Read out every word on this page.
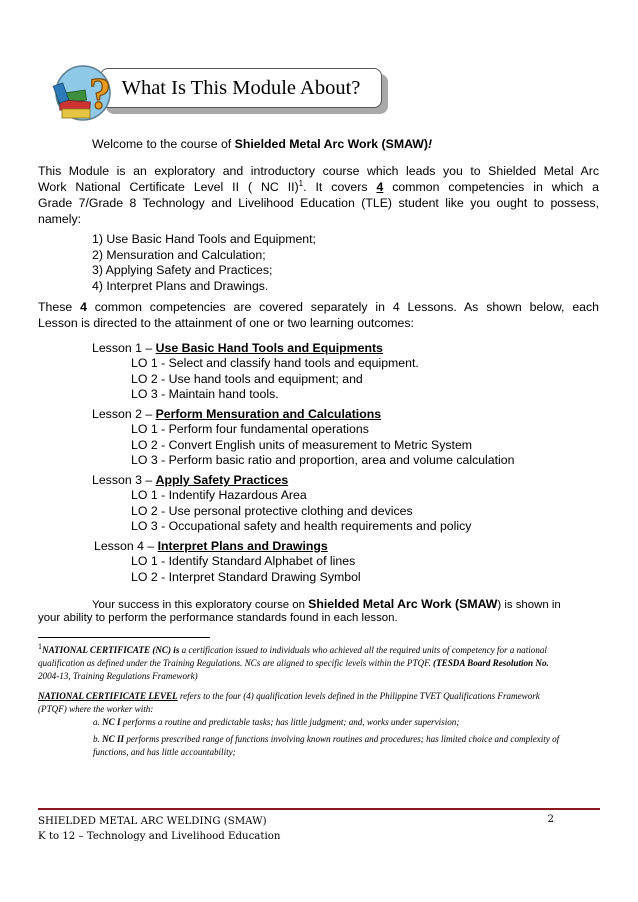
What Is This Module About?
?
Welcome to the course of Shielded Metal Arc Work (SMAW)!
This Module is an exploratory and introductory course which leads you to Shielded Metal Arc
Work National Certificate Level II ( NC II)$^1$. It covers 4 common competencies in which a
Grade 7/Grade 8 Technology and Livelihood Education (TLE) student like you ought to possess,
namely:
1) Use Basic Hand Tools and Equipment;
2) Mensuration and Calculation;
3) Applying Safety and Practices;
4) Interpret Plans and Drawings.
These 4 common competencies are covered separately in 4 Lessons. As shown below, each
Lesson is directed to the attainment of one or two learning outcomes:
Lesson 1 – Use Basic Hand Tools and Equipments
LO 1 - Select and classify hand tools and equipment.
LO 2 - Use hand tools and equipment; and
LO 3 - Maintain hand tools.
Lesson 2 – Perform Mensuration and Calculations
LO 1 - Perform four fundamental operations
LO 2 - Convert English units of measurement to Metric System
LO 3 - Perform basic ratio and proportion, area and volume calculation
Lesson 3 – Apply Safety Practices
LO 1 - Indentify Hazardous Area
LO 2 - Use personal protective clothing and devices
LO 3 - Occupational safety and health requirements and policy
Lesson 4 – Interpret Plans and Drawings
LO 1 - Identify Standard Alphabet of lines
LO 2 - Interpret Standard Drawing Symbol
Your success in this exploratory course on Shielded Metal Arc Work (SMAW) is shown in
your ability to perform the performance standards found in each lesson.
$^1$NATIONAL CERTIFICATE (NC) is a certification issued to individuals who achieved all the required units of competency for a national
qualification as defined under the Training Regulations. NCs are aligned to specific levels within the PTQF. (TESDA Board Resolution No.
2004-13, Training Regulations Framework)
NATIONAL CERTIFICATE LEVEL refers to the four (4) qualification levels defined in the Philippine TVET Qualifications Framework
(PTQF) where the worker with:
a. NC I performs a routine and predictable tasks; has little judgment; and, works under supervision;
b. NC II performs prescribed range of functions involving known routines and procedures; has limited choice and complexity of
functions, and has little accountability;
SHIELDED METAL ARC WELDING (SMAW)
K to 12 – Technology and Livelihood Education
2
